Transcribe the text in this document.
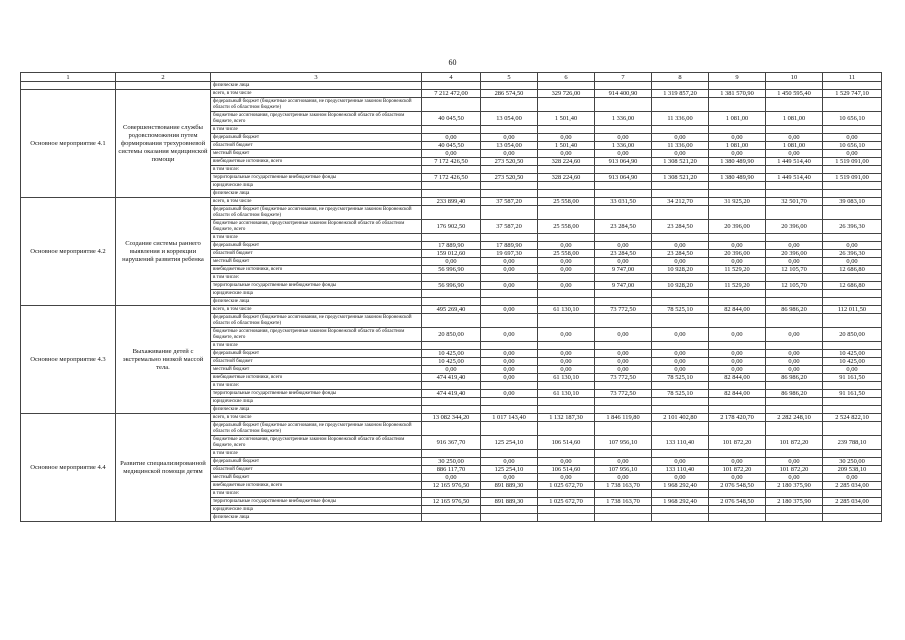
60
1	2	3	4	5	6	7	8	9	10	11
		физические лица								
Основное мероприятие 4.1	Совершенствование службы родовспоможения путем формирования трехуровневой системы оказания медицинской помощи	всего, в том числе	7 212 472,00	286 574,50	329 726,00	914 400,90	1 319 857,20	1 381 570,90	1 450 595,40	1 529 747,10
		федеральный бюджет (бюджетные ассигнования, не предусмотренные законом Воронежской области об областном бюджете)								
		бюджетные ассигнования, предусмотренные законом Воронежской области об областном бюджете, всего	40 045,50	13 054,00	1 501,40	1 336,00	11 336,00	1 081,00	1 081,00	10 656,10
		в том числе								
		федеральный бюджет	0,00	0,00	0,00	0,00	0,00	0,00	0,00	0,00
		областной бюджет	40 045,50	13 054,00	1 501,40	1 336,00	11 336,00	1 081,00	1 081,00	10 656,10
		местный бюджет	0,00	0,00	0,00	0,00	0,00	0,00	0,00	0,00
		внебюджетные источники, всего	7 172 426,50	273 520,50	328 224,60	913 064,90	1 308 521,20	1 380 489,90	1 449 514,40	1 519 091,00
		в том числе:								
		территориальные государственные внебюджетные фонды	7 172 426,50	273 520,50	328 224,60	913 064,90	1 308 521,20	1 380 489,90	1 449 514,40	1 519 091,00
		юридические лица								
		физические лица								
Основное мероприятие 4.2	Создание системы раннего выявления и коррекции нарушений развития ребенка	всего, в том числе	233 899,40	37 587,20	25 558,00	33 031,50	34 212,70	31 925,20	32 501,70	39 083,10
		федеральный бюджет (бюджетные ассигнования, не предусмотренные законом Воронежской области об областном бюджете)								
		бюджетные ассигнования, предусмотренные законом Воронежской области об областном бюджете, всего	176 902,50	37 587,20	25 558,00	23 284,50	23 284,50	20 396,00	20 396,00	26 396,30
		в том числе								
		федеральный бюджет	17 889,90	17 889,90	0,00	0,00	0,00	0,00	0,00	0,00
		областной бюджет	159 012,60	19 697,30	25 558,00	23 284,50	23 284,50	20 396,00	20 396,00	26 396,30
		местный бюджет	0,00	0,00	0,00	0,00	0,00	0,00	0,00	0,00
		внебюджетные источники, всего	56 996,90	0,00	0,00	9 747,00	10 928,20	11 529,20	12 105,70	12 686,80
		в том числе:								
		территориальные государственные внебюджетные фонды	56 996,90	0,00	0,00	9 747,00	10 928,20	11 529,20	12 105,70	12 686,80
		юридические лица								
		физические лица								
Основное мероприятие 4.3	Выхаживание детей с экстремально низкой массой тела.	всего, в том числе	495 269,40	0,00	61 130,10	73 772,50	78 525,10	82 844,00	86 986,20	112 011,50
		федеральный бюджет (бюджетные ассигнования, не предусмотренные законом Воронежской области об областном бюджете)								
		бюджетные ассигнования, предусмотренные законом Воронежской области об областном бюджете, всего	20 850,00	0,00	0,00	0,00	0,00	0,00	0,00	20 850,00
		в том числе								
		федеральный бюджет	10 425,00	0,00	0,00	0,00	0,00	0,00	0,00	10 425,00
		областной бюджет	10 425,00	0,00	0,00	0,00	0,00	0,00	0,00	10 425,00
		местный бюджет	0,00	0,00	0,00	0,00	0,00	0,00	0,00	0,00
		внебюджетные источники, всего	474 419,40	0,00	61 130,10	73 772,50	78 525,10	82 844,00	86 986,20	91 161,50
		в том числе:								
		территориальные государственные внебюджетные фонды	474 419,40	0,00	61 130,10	73 772,50	78 525,10	82 844,00	86 986,20	91 161,50
		юридические лица								
		физические лица								
Основное мероприятие 4.4	Развитие специализированной медицинской помощи детям	всего, в том числе	13 082 344,20	1 017 143,40	1 132 187,30	1 846 119,80	2 101 402,80	2 178 420,70	2 282 248,10	2 524 822,10
		федеральный бюджет (бюджетные ассигнования, не предусмотренные законом Воронежской области об областном бюджете)								
		бюджетные ассигнования, предусмотренные законом Воронежской области об областном бюджете, всего	916 367,70	125 254,10	106 514,60	107 956,10	133 110,40	101 872,20	101 872,20	239 788,10
		в том числе								
		федеральный бюджет	30 250,00	0,00	0,00	0,00	0,00	0,00	0,00	30 250,00
		областной бюджет	886 117,70	125 254,10	106 514,60	107 956,10	133 110,40	101 872,20	101 872,20	209 538,10
		местный бюджет	0,00	0,00	0,00	0,00	0,00	0,00	0,00	0,00
		внебюджетные источники, всего	12 165 976,50	891 889,30	1 025 672,70	1 738 163,70	1 968 292,40	2 076 548,50	2 180 375,90	2 285 034,00
		в том числе:								
		территориальные государственные внебюджетные фонды	12 165 976,50	891 889,30	1 025 672,70	1 738 163,70	1 968 292,40	2 076 548,50	2 180 375,90	2 285 034,00
		юридические лица								
		физические лица								
